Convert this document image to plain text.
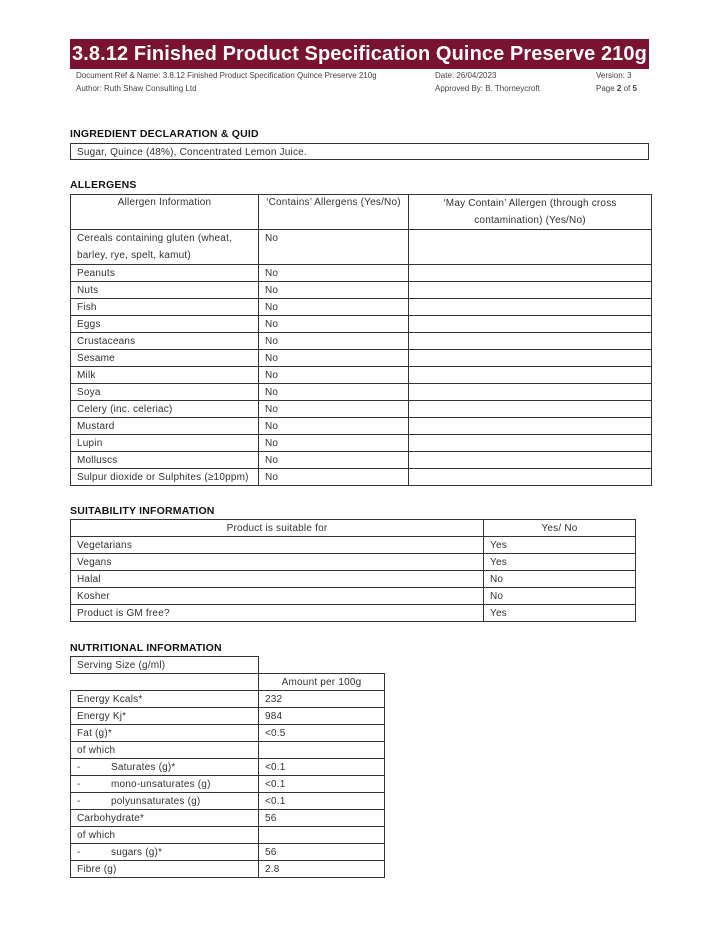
3.8.12 Finished Product Specification Quince Preserve 210g
Document Ref & Name: 3.8.12 Finished Product Specification Quince Preserve 210g	Date: 26/04/2023	Version: 3
Author: Ruth Shaw Consulting Ltd	Approved By: B. Thorneycroft	Page 2 of 5
INGREDIENT DECLARATION & QUID
Sugar, Quince (48%), Concentrated Lemon Juice.
ALLERGENS
Allergen Information	‘Contains’ Allergens (Yes/No)	‘May Contain’ Allergen (through cross contamination) (Yes/No)
Cereals containing gluten (wheat, barley, rye, spelt, kamut)	No	
Peanuts	No	
Nuts	No	
Fish	No	
Eggs	No	
Crustaceans	No	
Sesame	No	
Milk	No	
Soya	No	
Celery (inc. celeriac)	No	
Mustard	No	
Lupin	No	
Molluscs	No	
Sulpur dioxide or Sulphites (≥10ppm)	No	
SUITABILITY INFORMATION
Product is suitable for	Yes/ No
Vegetarians	Yes
Vegans	Yes
Halal	No
Kosher	No
Product is GM free?	Yes
NUTRITIONAL INFORMATION
Serving Size (g/ml)	
	Amount per 100g
Energy Kcals*	232
Energy Kj*	984
Fat (g)*	<0.5
of which	
- Saturates (g)*	<0.1
- mono-unsaturates (g)	<0.1
- polyunsaturates (g)	<0.1
Carbohydrate*	56
of which	
- sugars (g)*	56
Fibre (g)	2.8
